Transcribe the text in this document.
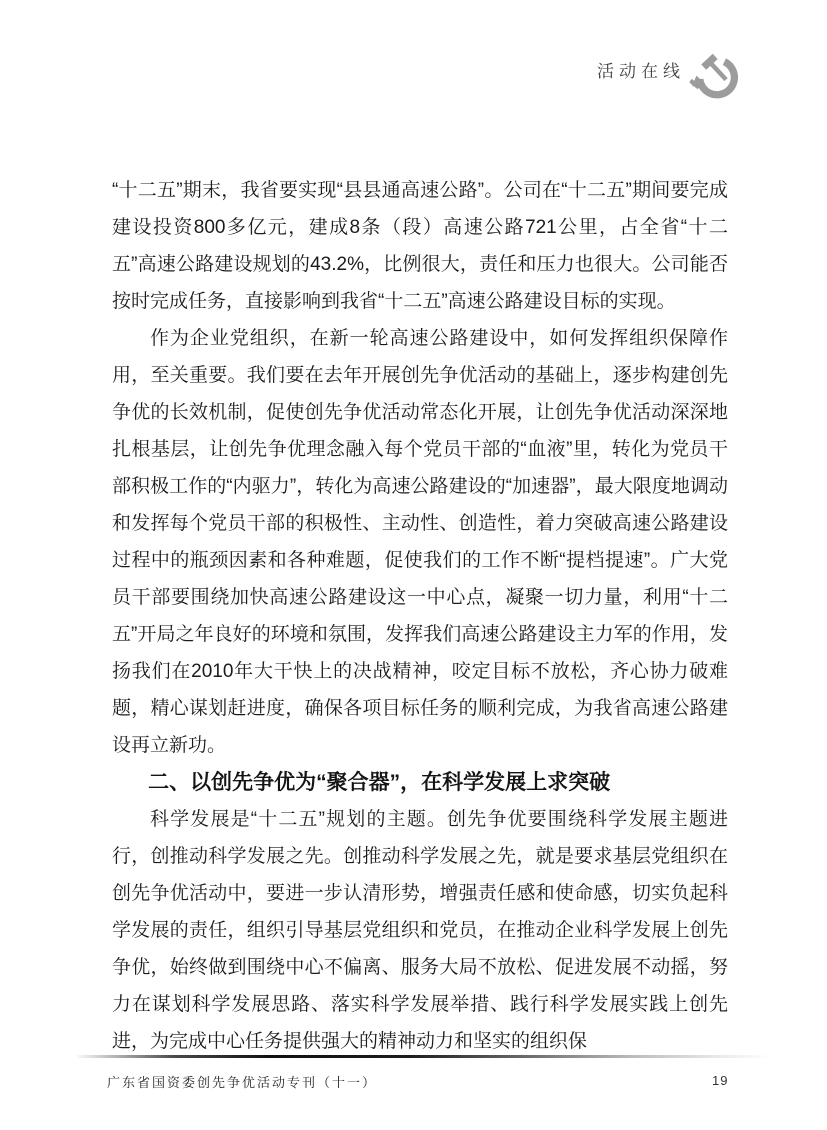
活动在线

“十二五”期末，我省要实现“县县通高速公路”。公司在“十二五”期间要完成建设投资800多亿元，建成8条（段）高速公路721公里，占全省“十二五”高速公路建设规划的43.2%，比例很大，责任和压力也很大。公司能否按时完成任务，直接影响到我省“十二五”高速公路建设目标的实现。

作为企业党组织，在新一轮高速公路建设中，如何发挥组织保障作用，至关重要。我们要在去年开展创先争优活动的基础上，逐步构建创先争优的长效机制，促使创先争优活动常态化开展，让创先争优活动深深地扎根基层，让创先争优理念融入每个党员干部的“血液”里，转化为党员干部积极工作的“内驱力”，转化为高速公路建设的“加速器”，最大限度地调动和发挥每个党员干部的积极性、主动性、创造性，着力突破高速公路建设过程中的瓶颈因素和各种难题，促使我们的工作不断“提档提速”。广大党员干部要围绕加快高速公路建设这一中心点，凝聚一切力量，利用“十二五”开局之年良好的环境和氛围，发挥我们高速公路建设主力军的作用，发扬我们在2010年大干快上的决战精神，咬定目标不放松，齐心协力破难题，精心谋划赶进度，确保各项目标任务的顺利完成，为我省高速公路建设再立新功。

二、以创先争优为“聚合器”，在科学发展上求突破

科学发展是“十二五”规划的主题。创先争优要围绕科学发展主题进行，创推动科学发展之先。创推动科学发展之先，就是要求基层党组织在创先争优活动中，要进一步认清形势，增强责任感和使命感，切实负起科学发展的责任，组织引导基层党组织和党员，在推动企业科学发展上创先争优，始终做到围绕中心不偏离、服务大局不放松、促进发展不动摇，努力在谋划科学发展思路、落实科学发展举措、践行科学发展实践上创先进，为完成中心任务提供强大的精神动力和坚实的组织保

广东省国资委创先争优活动专刊（十一）	19
